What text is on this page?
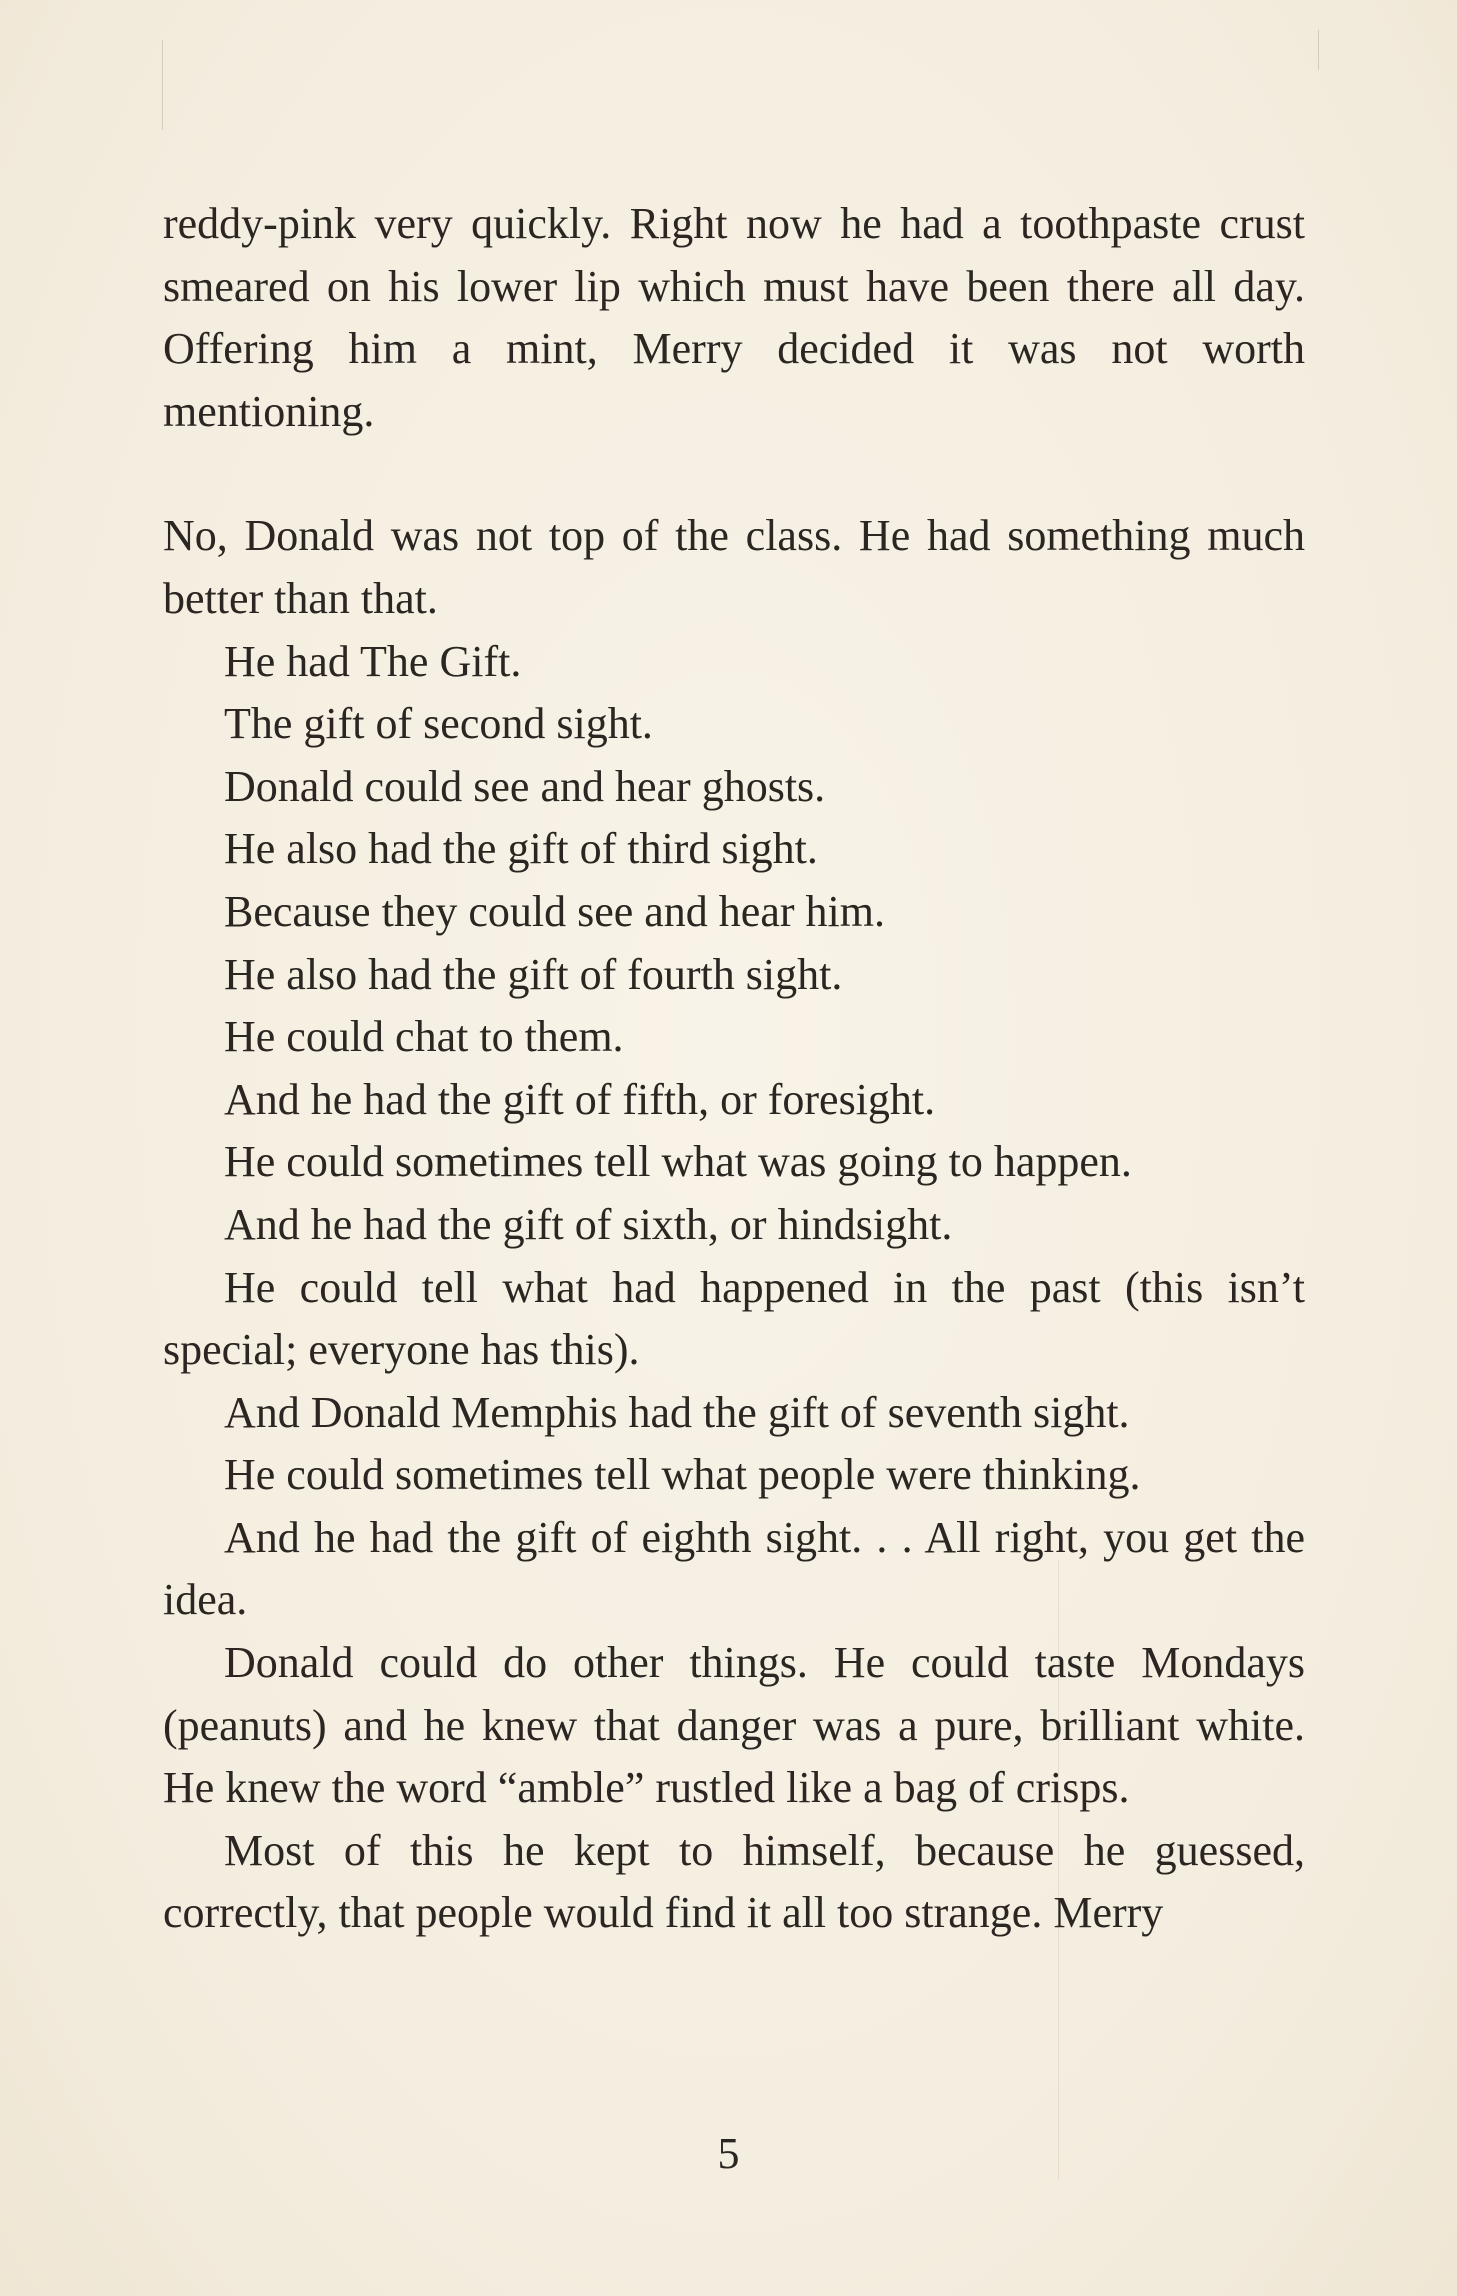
reddy-pink very quickly. Right now he had a toothpaste crust smeared on his lower lip which must have been there all day. Offering him a mint, Merry decided it was not worth mentioning.

No, Donald was not top of the class. He had something much better than that.

He had The Gift.

The gift of second sight.

Donald could see and hear ghosts.

He also had the gift of third sight.

Because they could see and hear him.

He also had the gift of fourth sight.

He could chat to them.

And he had the gift of fifth, or foresight.

He could sometimes tell what was going to happen.

And he had the gift of sixth, or hindsight.

He could tell what had happened in the past (this isn’t special; everyone has this).

And Donald Memphis had the gift of seventh sight.

He could sometimes tell what people were thinking.

And he had the gift of eighth sight. . . All right, you get the idea.

Donald could do other things. He could taste Mondays (peanuts) and he knew that danger was a pure, brilliant white. He knew the word “amble” rustled like a bag of crisps.

Most of this he kept to himself, because he guessed, correctly, that people would find it all too strange. Merry

5
